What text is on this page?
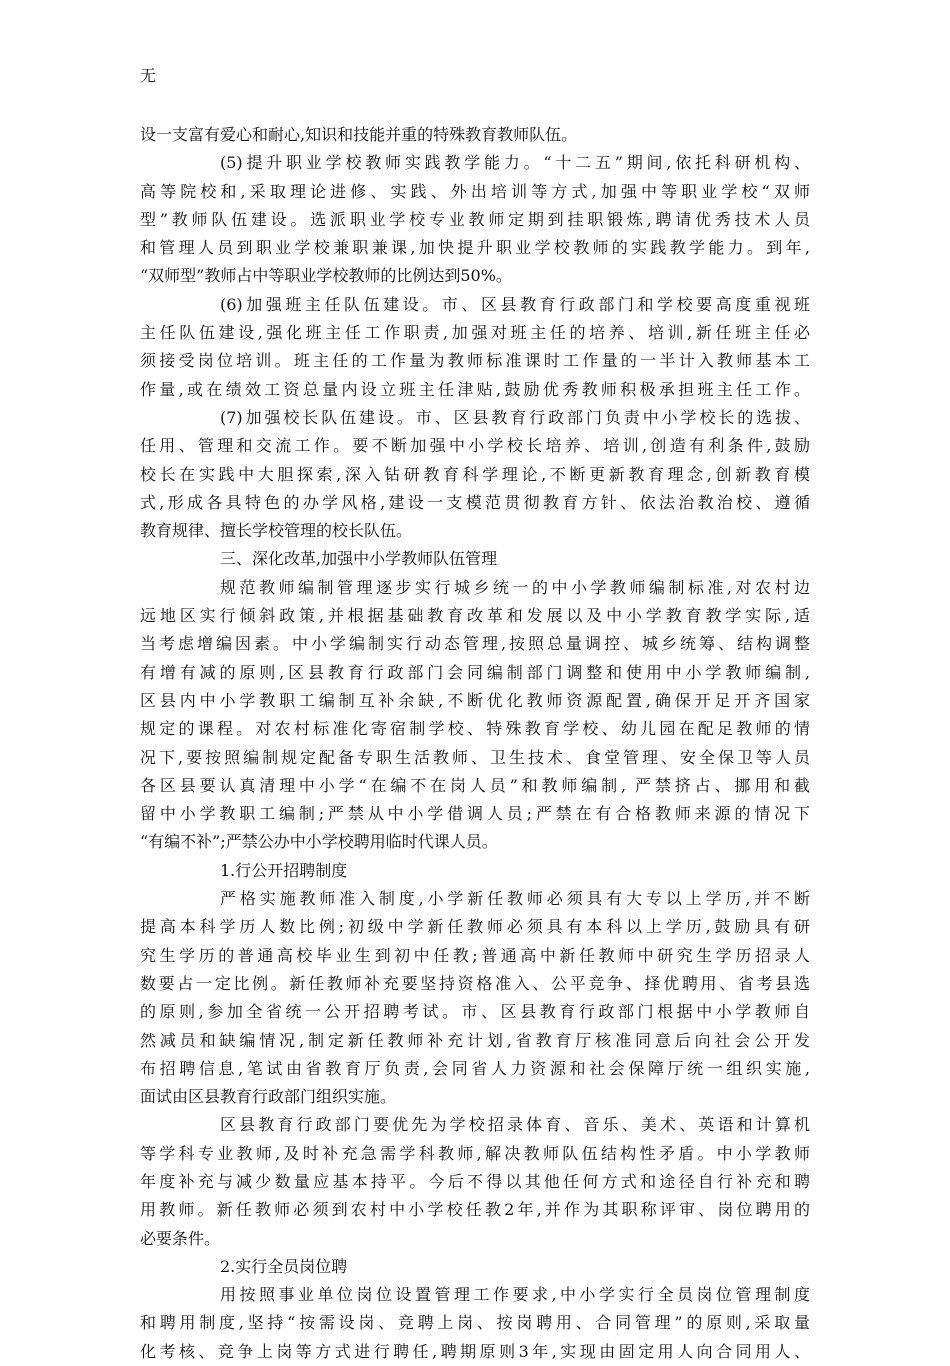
无
设一支富有爱心和耐心,知识和技能并重的特殊教育教师队伍。
(5)提升职业学校教师实践教学能力。“十二五”期间,依托科研机构、
高等院校和,采取理论进修、实践、外出培训等方式,加强中等职业学校“双师
型”教师队伍建设。选派职业学校专业教师定期到挂职锻炼,聘请优秀技术人员
和管理人员到职业学校兼职兼课,加快提升职业学校教师的实践教学能力。到年,
“双师型”教师占中等职业学校教师的比例达到50%。
(6)加强班主任队伍建设。市、区县教育行政部门和学校要高度重视班
主任队伍建设,强化班主任工作职责,加强对班主任的培养、培训,新任班主任必
须接受岗位培训。班主任的工作量为教师标准课时工作量的一半计入教师基本工
作量,或在绩效工资总量内设立班主任津贴,鼓励优秀教师积极承担班主任工作。
(7)加强校长队伍建设。市、区县教育行政部门负责中小学校长的选拔、
任用、管理和交流工作。要不断加强中小学校长培养、培训,创造有利条件,鼓励
校长在实践中大胆探索,深入钻研教育科学理论,不断更新教育理念,创新教育模
式,形成各具特色的办学风格,建设一支模范贯彻教育方针、依法治教治校、遵循
教育规律、擅长学校管理的校长队伍。
三、深化改革,加强中小学教师队伍管理
规范教师编制管理逐步实行城乡统一的中小学教师编制标准,对农村边
远地区实行倾斜政策,并根据基础教育改革和发展以及中小学教育教学实际,适
当考虑增编因素。中小学编制实行动态管理,按照总量调控、城乡统筹、结构调整
有增有减的原则,区县教育行政部门会同编制部门调整和使用中小学教师编制,
区县内中小学教职工编制互补余缺,不断优化教师资源配置,确保开足开齐国家
规定的课程。对农村标准化寄宿制学校、特殊教育学校、幼儿园在配足教师的情
况下,要按照编制规定配备专职生活教师、卫生技术、食堂管理、安全保卫等人员
各区县要认真清理中小学“在编不在岗人员”和教师编制, 严禁挤占、挪用和截
留中小学教职工编制;严禁从中小学借调人员;严禁在有合格教师来源的情况下
“有编不补”;严禁公办中小学校聘用临时代课人员。
1.行公开招聘制度
严格实施教师准入制度,小学新任教师必须具有大专以上学历,并不断
提高本科学历人数比例;初级中学新任教师必须具有本科以上学历,鼓励具有研
究生学历的普通高校毕业生到初中任教;普通高中新任教师中研究生学历招录人
数要占一定比例。新任教师补充要坚持资格准入、公平竞争、择优聘用、省考县选
的原则,参加全省统一公开招聘考试。市、区县教育行政部门根据中小学教师自
然减员和缺编情况,制定新任教师补充计划,省教育厅核准同意后向社会公开发
布招聘信息,笔试由省教育厅负责,会同省人力资源和社会保障厅统一组织实施,
面试由区县教育行政部门组织实施。
区县教育行政部门要优先为学校招录体育、音乐、美术、英语和计算机
等学科专业教师,及时补充急需学科教师,解决教师队伍结构性矛盾。中小学教师
年度补充与减少数量应基本持平。今后不得以其他任何方式和途径自行补充和聘
用教师。新任教师必须到农村中小学校任教2年,并作为其职称评审、岗位聘用的
必要条件。
2.实行全员岗位聘
用按照事业单位岗位设置管理工作要求,中小学实行全员岗位管理制度
和聘用制度,坚持“按需设岗、竞聘上岗、按岗聘用、合同管理”的原则,采取量
化考核、竞争上岗等方式进行聘任,聘期原则3年,实现由固定用人向合同用人、
